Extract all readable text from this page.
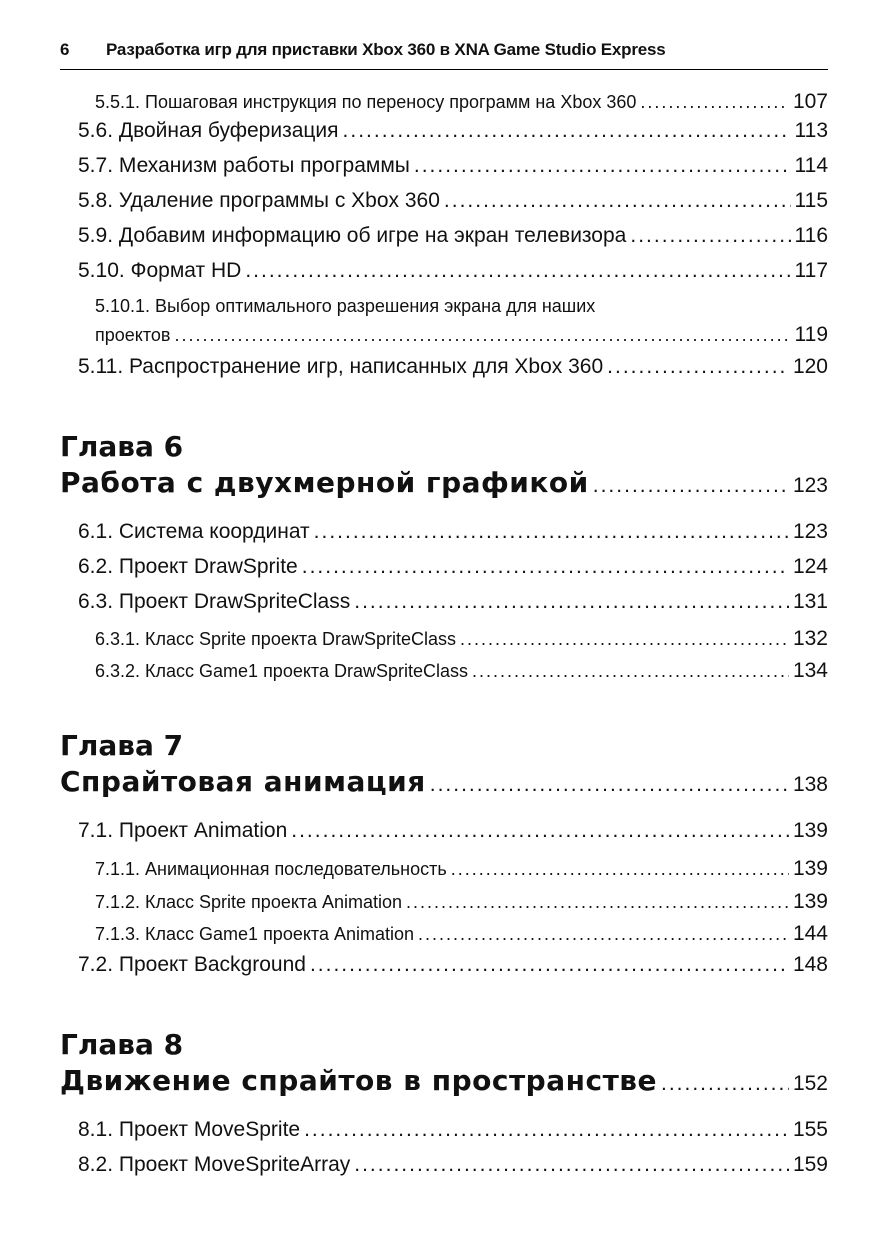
6 Разработка игр для приставки Xbox 360 в XNA Game Studio Express
5.5.1. Пошаговая инструкция по переносу программ на Xbox 360 .....	107
5.6. Двойная буферизация .....	113
5.7. Механизм работы программы .....	114
5.8. Удаление программы с Xbox 360 .....	115
5.9. Добавим информацию об игре на экран телевизора .....	116
5.10. Формат HD .....	117
5.10.1. Выбор оптимального разрешения экрана для наших
проектов .....	119
5.11. Распространение игр, написанных для Xbox 360 .....	120
Глава 6
Работа с двухмерной графикой .....	123
6.1. Система координат .....	123
6.2. Проект DrawSprite .....	124
6.3. Проект DrawSpriteClass .....	131
6.3.1. Класс Sprite проекта DrawSpriteClass .....	132
6.3.2. Класс Game1 проекта DrawSpriteClass .....	134
Глава 7
Спрайтовая анимация .....	138
7.1. Проект Animation .....	139
7.1.1. Анимационная последовательность .....	139
7.1.2. Класс Sprite проекта Animation .....	139
7.1.3. Класс Game1 проекта Animation .....	144
7.2. Проект Background .....	148
Глава 8
Движение спрайтов в пространстве .....	152
8.1. Проект MoveSprite .....	155
8.2. Проект MoveSpriteArray .....	159
